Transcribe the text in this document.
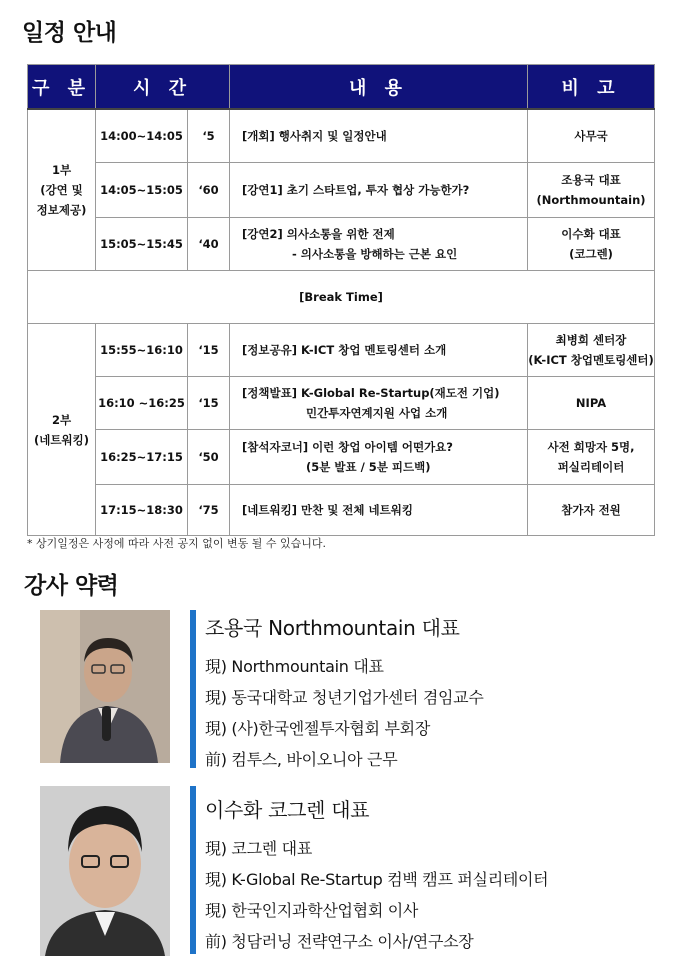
일정 안내
구 분	시 간		내 용	비 고

1부
(강연 및
정보제공)	14:00~14:05	‘5	[개회] 행사취지 및 일정안내	사무국
	14:05~15:05	‘60	[강연1] 초기 스타트업, 투자 협상 가능한가?	조용국 대표
(Northmountain)

	15:05~15:45	‘40	[강연2] 의사소통을 위한 전제
- 의사소통을 방해하는 근본 요인	이수화 대표
(코그렌)

[Break Time]				

2부
(네트워킹)	15:55~16:10	‘15	[정보공유] K-ICT 창업 멘토링센터 소개	최병희 센터장
(K-ICT 창업멘토링센터)

	16:10 ~16:25	‘15	[정책발표] K-Global Re-Startup(재도전 기업)
민간투자연계지원 사업 소개	NIPA
	16:25~17:15	‘50	[참석자코너] 이런 창업 아이템 어떤가요?
(5분 발표 / 5분 피드백)	사전 희망자 5명,
퍼실리테이터

	17:15~18:30	‘75	[네트워킹] 만찬 및 전체 네트워킹	참가자 전원
* 상기일정은 사정에 따라 사전 공지 없이 변동 될 수 있습니다.
강사 약력
조용국 Northmountain 대표
現) Northmountain 대표
現) 동국대학교 청년기업가센터 겸임교수
現) (사)한국엔젤투자협회 부회장
前) 컴투스, 바이오니아 근무
이수화 코그렌 대표
現) 코그렌 대표
現) K-Global Re-Startup 컴백 캠프 퍼실리테이터
現) 한국인지과학산업협회 이사
前) 청담러닝 전략연구소 이사/연구소장
